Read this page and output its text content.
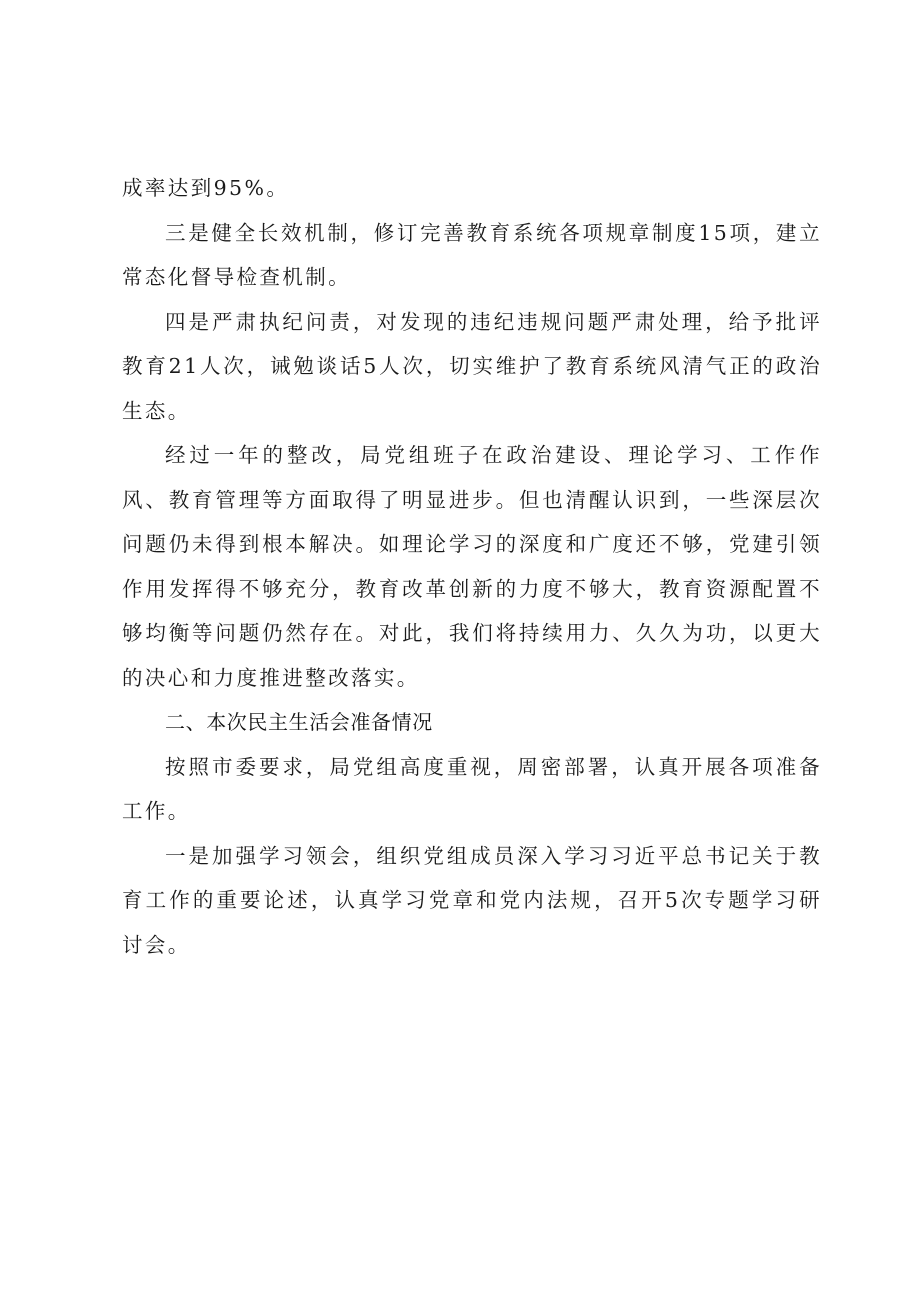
成率达到95%。

三是健全长效机制，修订完善教育系统各项规章制度15项，建立常态化督导检查机制。

四是严肃执纪问责，对发现的违纪违规问题严肃处理，给予批评教育21人次，诫勉谈话5人次，切实维护了教育系统风清气正的政治生态。

经过一年的整改，局党组班子在政治建设、理论学习、工作作风、教育管理等方面取得了明显进步。但也清醒认识到，一些深层次问题仍未得到根本解决。如理论学习的深度和广度还不够，党建引领作用发挥得不够充分，教育改革创新的力度不够大，教育资源配置不够均衡等问题仍然存在。对此，我们将持续用力、久久为功，以更大的决心和力度推进整改落实。

二、本次民主生活会准备情况

按照市委要求，局党组高度重视，周密部署，认真开展各项准备工作。

一是加强学习领会，组织党组成员深入学习习近平总书记关于教育工作的重要论述，认真学习党章和党内法规，召开5次专题学习研讨会。
